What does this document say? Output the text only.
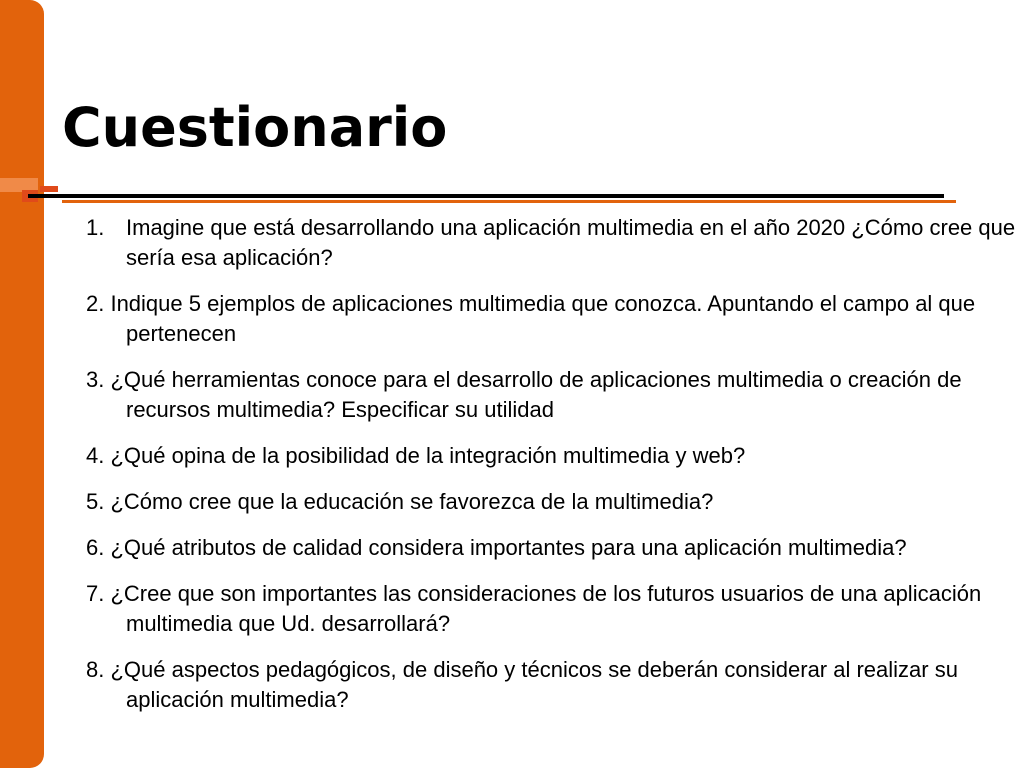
Cuestionario
1. Imagine que está desarrollando una aplicación multimedia en el año 2020 ¿Cómo cree que sería esa aplicación?
2. Indique 5 ejemplos de aplicaciones multimedia que conozca. Apuntando el campo al que pertenecen
3. ¿Qué herramientas conoce para el desarrollo de aplicaciones multimedia o creación de recursos multimedia? Especificar su utilidad
4. ¿Qué opina de la posibilidad de la integración multimedia y web?
5. ¿Cómo cree que la educación se favorezca de la multimedia?
6. ¿Qué atributos de calidad considera importantes para una aplicación multimedia?
7. ¿Cree que son importantes las consideraciones de los futuros usuarios de una aplicación multimedia que Ud. desarrollará?
8. ¿Qué aspectos pedagógicos, de diseño y técnicos se deberán considerar al realizar su aplicación multimedia?
